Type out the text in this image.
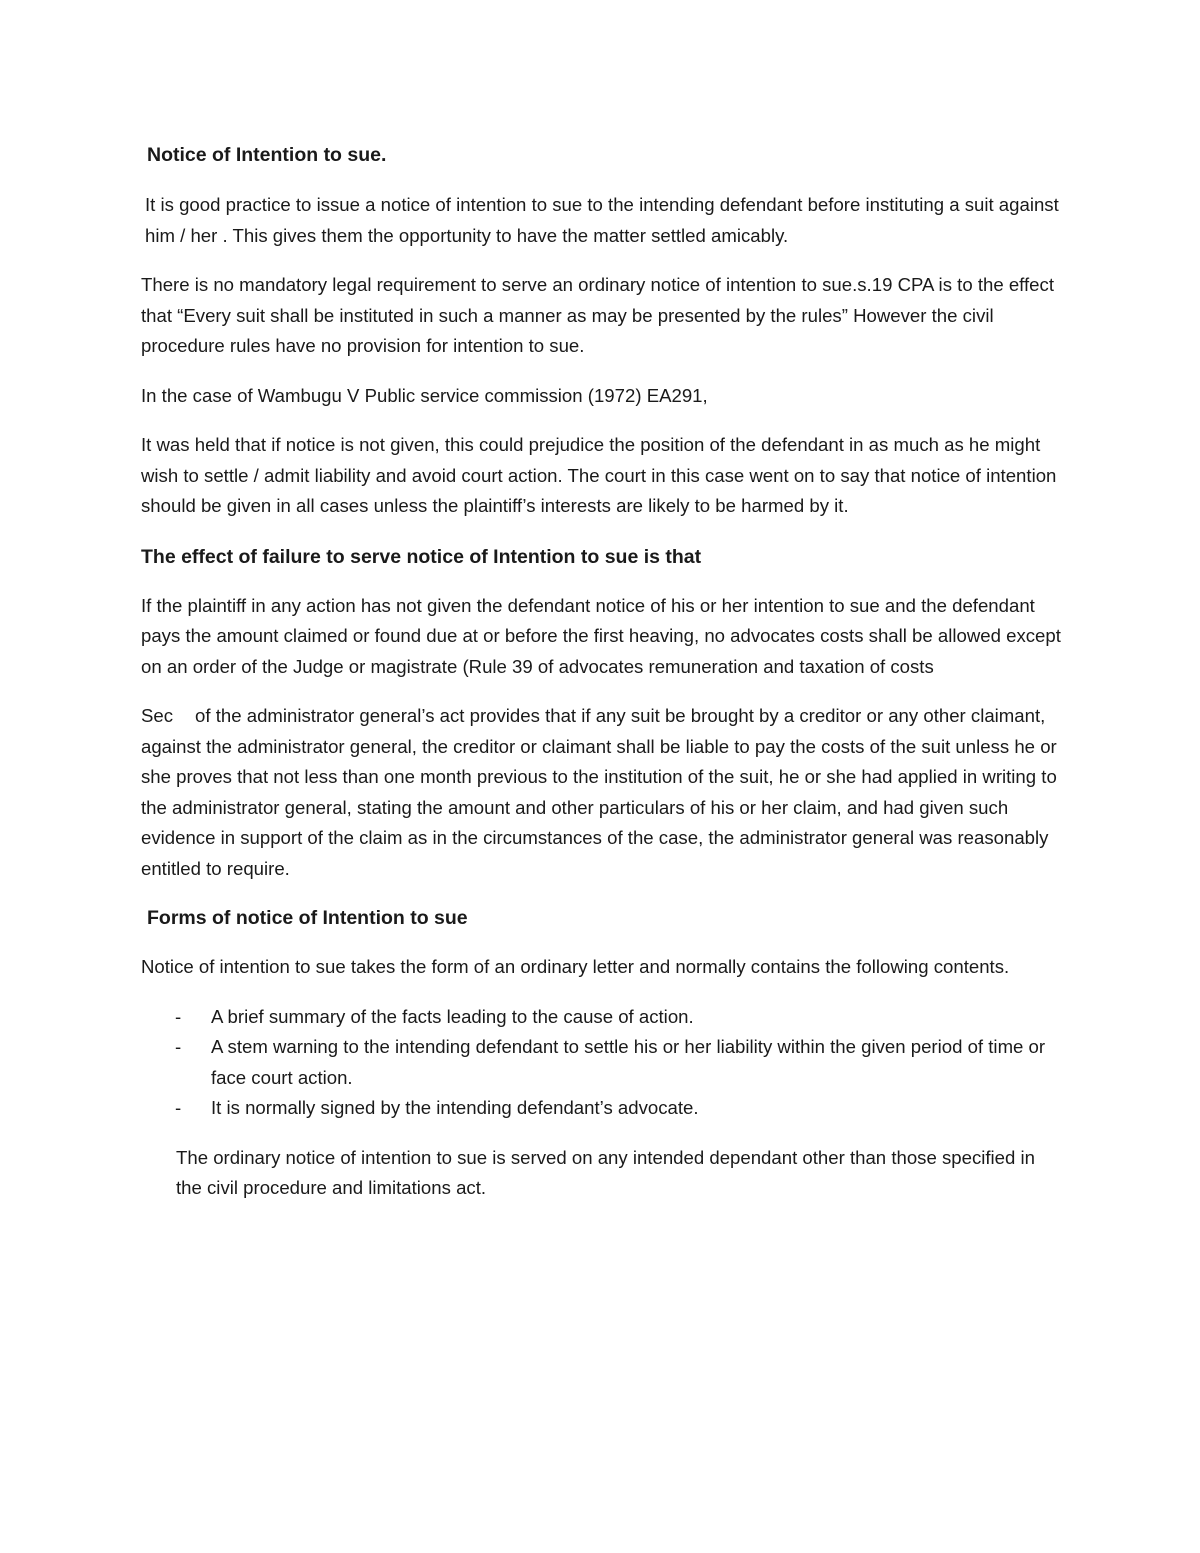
Notice of Intention to sue.

It is good practice to issue a notice of intention to sue to the intending defendant before instituting a suit against him / her . This gives them the opportunity to have the matter settled amicably.

There is no mandatory legal requirement to serve an ordinary notice of intention to sue.s.19 CPA is to the effect that “Every suit shall be instituted in such a manner as may be presented by the rules” However the civil procedure rules have no provision for intention to sue.

In the case of Wambugu V Public service commission (1972) EA291,

It was held that if notice is not given, this could prejudice the position of the defendant in as much as he might wish to settle / admit liability and avoid court action. The court in this case went on to say that notice of intention should be given in all cases unless the plaintiff’s interests are likely to be harmed by it.

The effect of failure to serve notice of Intention to sue is that

If the plaintiff in any action has not given the defendant notice of his or her intention to sue and the defendant pays the amount claimed or found due at or before the first heaving, no advocates costs shall be allowed except on an order of the Judge or magistrate (Rule 39 of advocates remuneration and taxation of costs

Sec of the administrator general’s act provides that if any suit be brought by a creditor or any other claimant, against the administrator general, the creditor or claimant shall be liable to pay the costs of the suit unless he or she proves that not less than one month previous to the institution of the suit, he or she had applied in writing to the administrator general, stating the amount and other particulars of his or her claim, and had given such evidence in support of the claim as in the circumstances of the case, the administrator general was reasonably entitled to require.

Forms of notice of Intention to sue

Notice of intention to sue takes the form of an ordinary letter and normally contains the following contents.

- A brief summary of the facts leading to the cause of action.
- A stem warning to the intending defendant to settle his or her liability within the given period of time or face court action.
- It is normally signed by the intending defendant’s advocate.

The ordinary notice of intention to sue is served on any intended dependant other than those specified in the civil procedure and limitations act.
